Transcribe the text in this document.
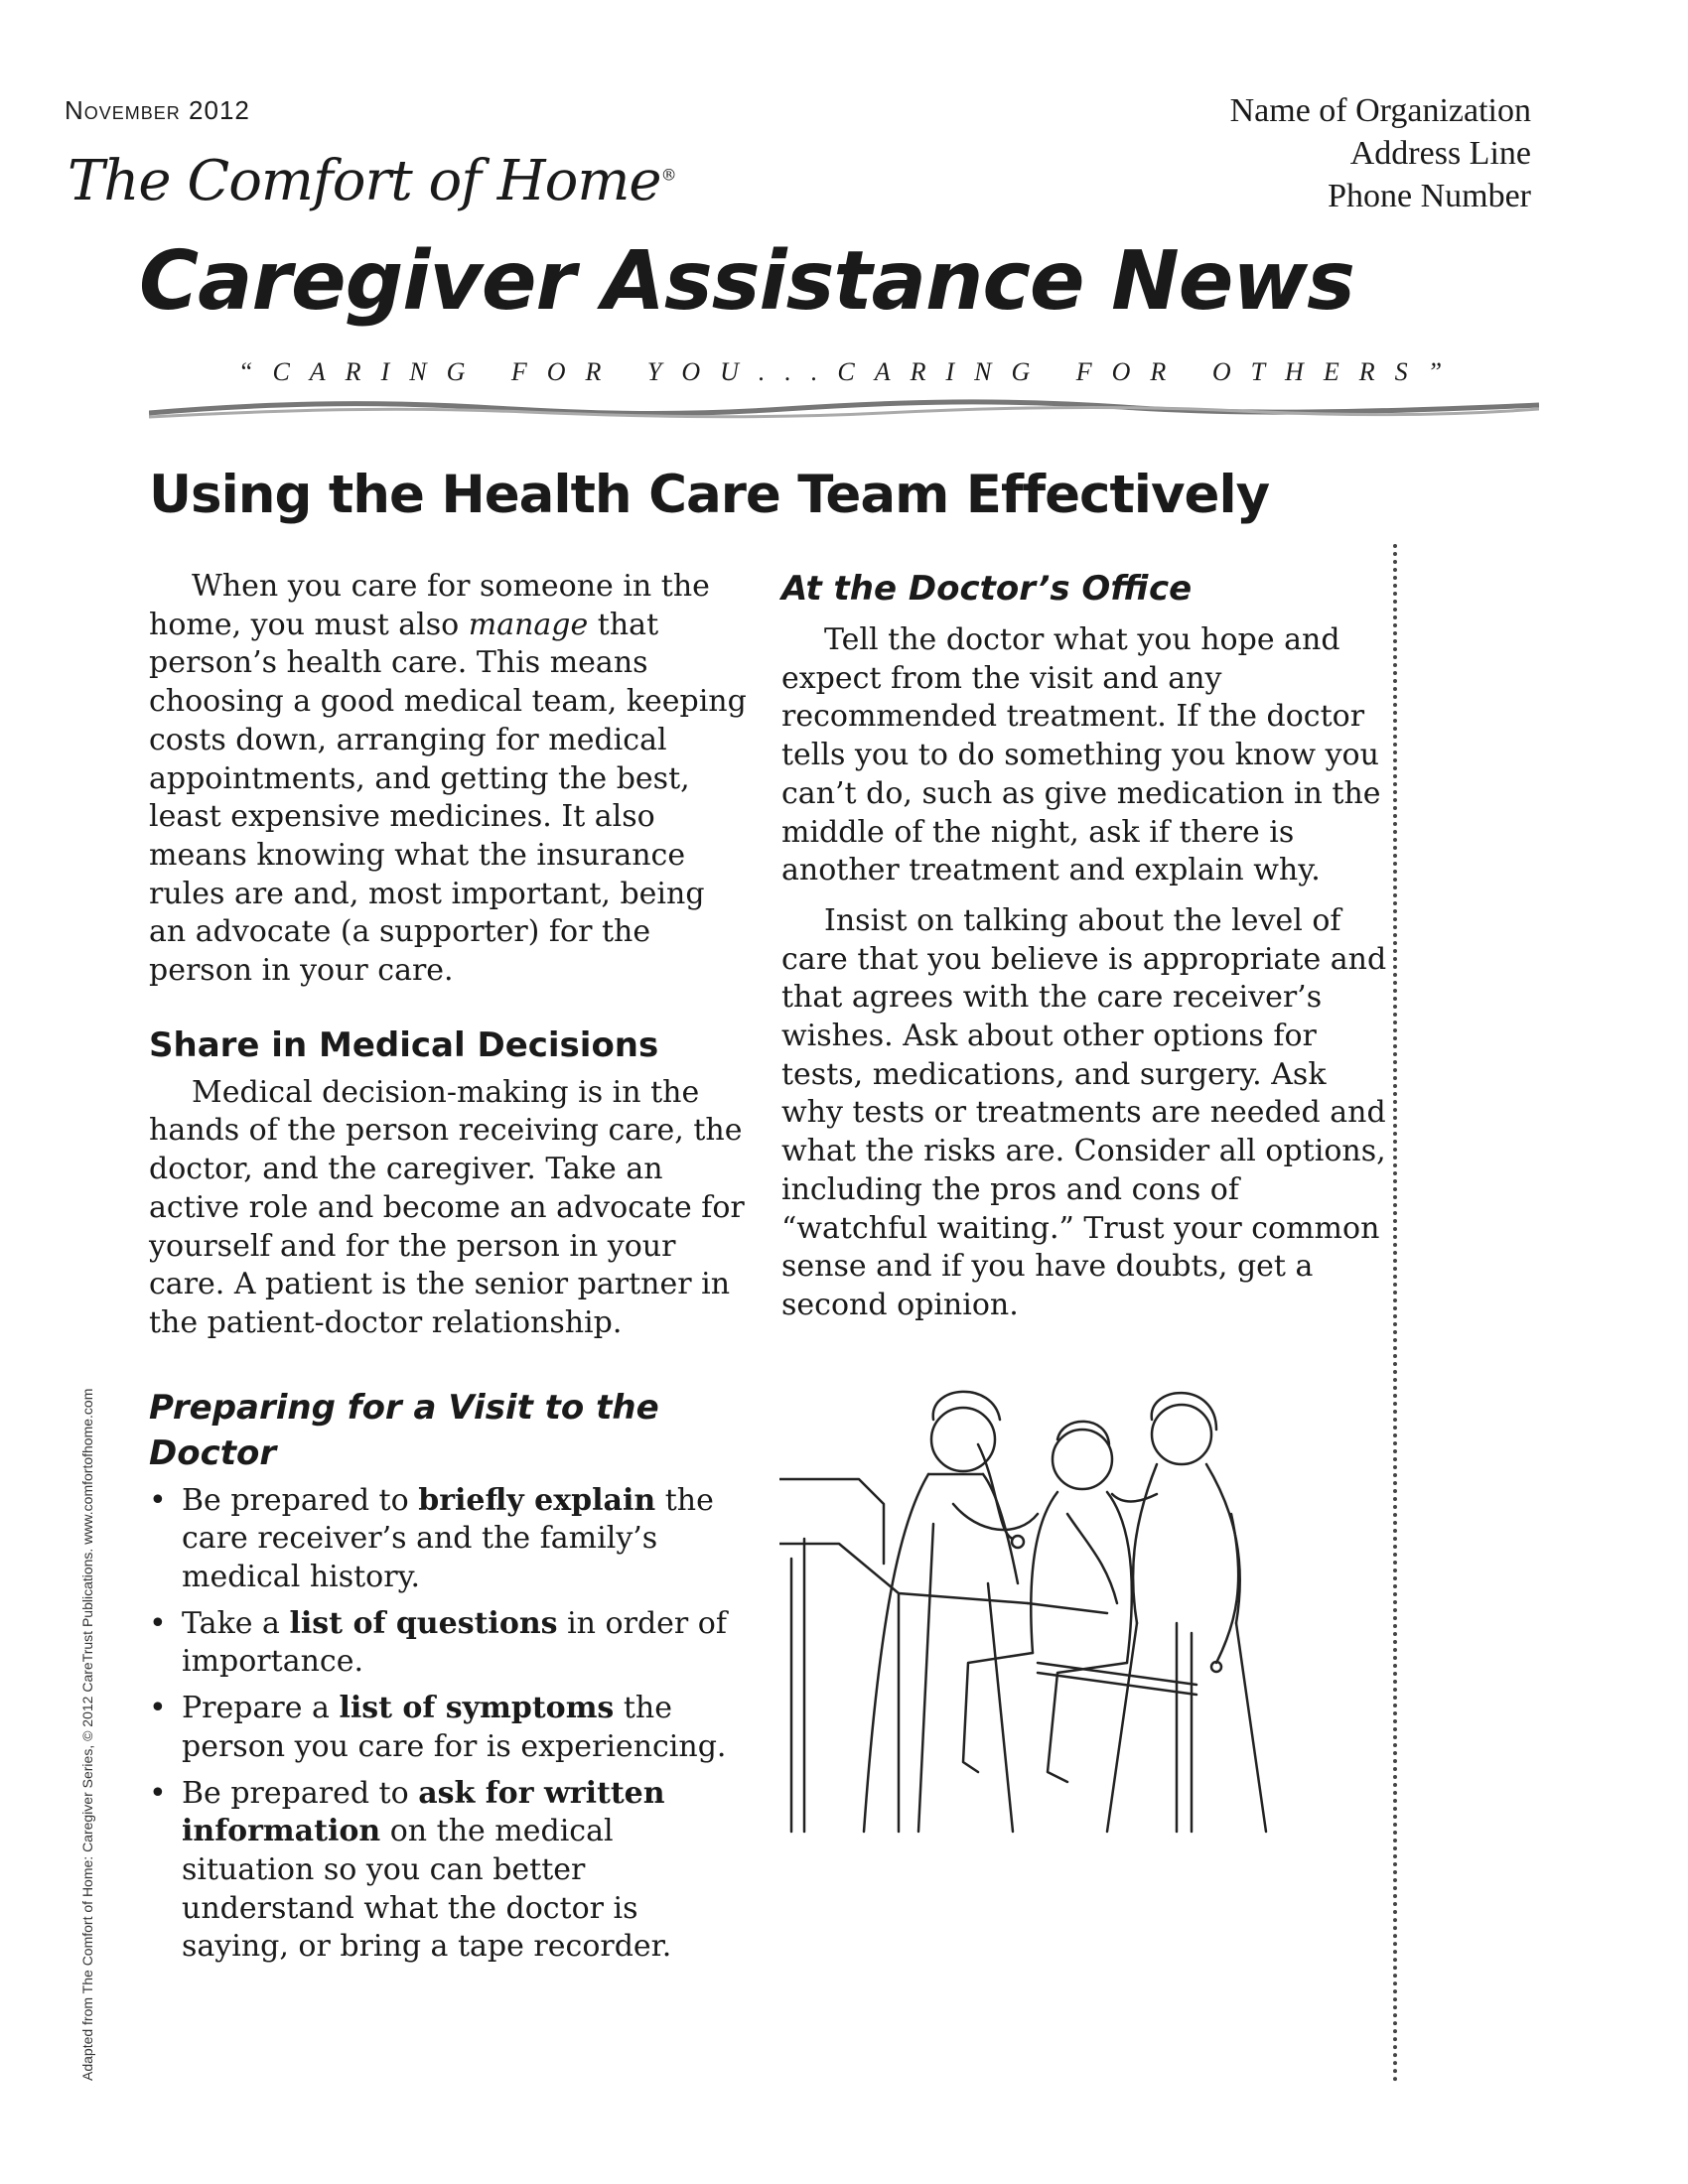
November 2012	Name of Organization
Address Line
Phone Number
The Comfort of Home®
Caregiver Assistance News
“CARING FOR YOU...CARING FOR OTHERS”
Using the Health Care Team Effectively

When you care for someone in the home, you must also manage that person’s health care. This means choosing a good medical team, keeping costs down, arranging for medical appointments, and getting the best, least expensive medicines. It also means knowing what the insurance rules are and, most important, being an advocate (a supporter) for the person in your care.

Share in Medical Decisions

Medical decision-making is in the hands of the person receiving care, the doctor, and the caregiver. Take an active role and become an advocate for yourself and for the person in your care. A patient is the senior partner in the patient-doctor relationship.

Preparing for a Visit to the Doctor
• Be prepared to briefly explain the care receiver’s and the family’s medical history.
• Take a list of questions in order of importance.
• Prepare a list of symptoms the person you care for is experiencing.
• Be prepared to ask for written information on the medical situation so you can better understand what the doctor is saying, or bring a tape recorder.
At the Doctor’s Office

Tell the doctor what you hope and expect from the visit and any recommended treatment. If the doctor tells you to do something you know you can’t do, such as give medication in the middle of the night, ask if there is another treatment and explain why.

Insist on talking about the level of care that you believe is appropriate and that agrees with the care receiver’s wishes. Ask about other options for tests, medications, and surgery. Ask why tests or treatments are needed and what the risks are. Consider all options, including the pros and cons of “watchful waiting.” Trust your common sense and if you have doubts, get a second opinion.

Adapted from The Comfort of Home: Caregiver Series, © 2012 CareTrust Publications. www.comfortofhome.com
